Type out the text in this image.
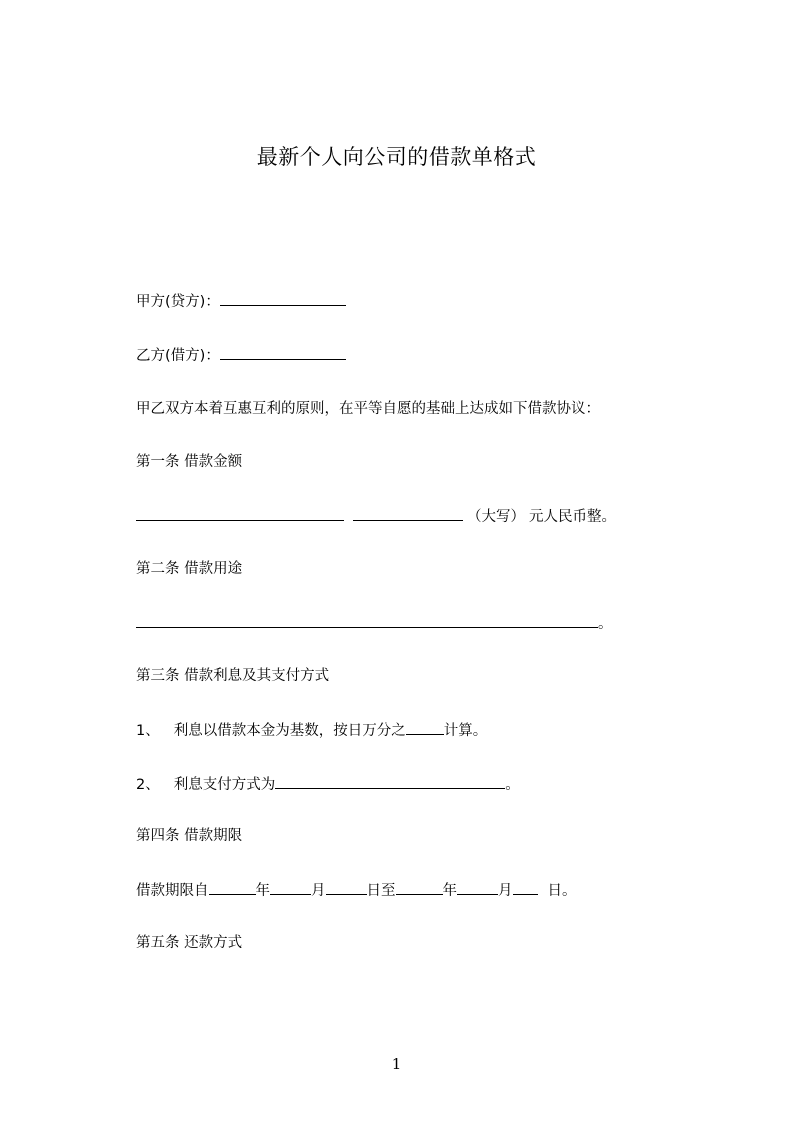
最新个人向公司的借款单格式
甲方(贷方)：
乙方(借方)：
甲乙双方本着互惠互利的原则，在平等自愿的基础上达成如下借款协议：
第一条 借款金额
（大写） 元人民币整。
第二条 借款用途
。
第三条 借款利息及其支付方式
1、 利息以借款本金为基数，按日万分之	计算。
2、 利息支付方式为	。
第四条 借款期限
借款期限自	年	月	日至	年	月 日。
第五条 还款方式
1
